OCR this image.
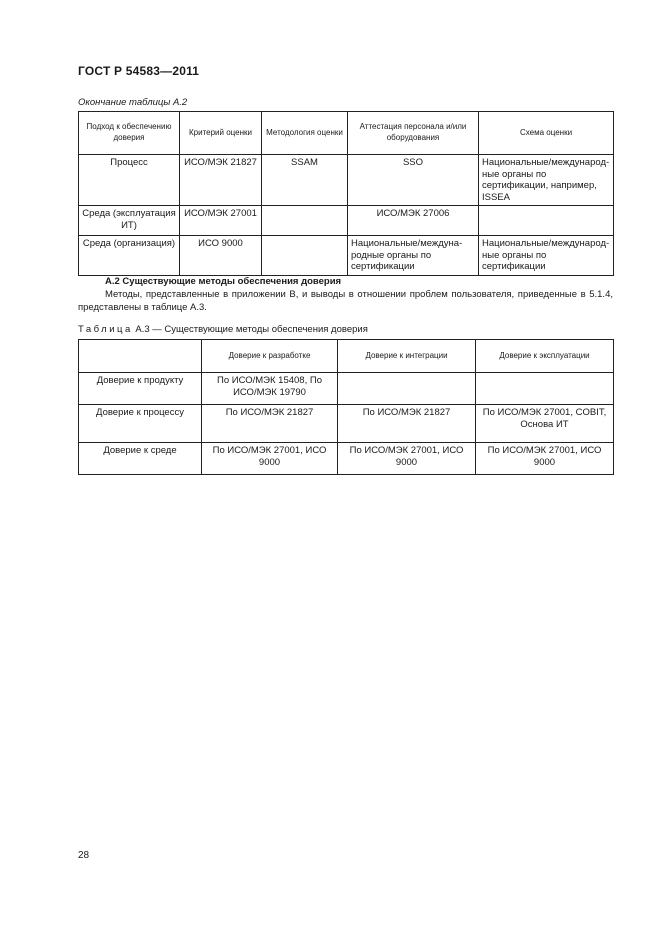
ГОСТ Р 54583—2011
Окончание таблицы А.2
Подход к обеспечению доверия	Критерий оценки	Методология оценки	Аттестация персонала и/или оборудования	Схема оценки
Процесс	ИСО/МЭК 21827	SSAM	SSO	Национальные/международ-ные органы по сертификации, например, ISSEA
Среда (эксплуатация ИТ)	ИСО/МЭК 27001		ИСО/МЭК 27006	
Среда (организация)	ИСО 9000		Национальные/междуна-родные органы по сертификации	Национальные/международ-ные органы по сертификации
А.2 Существующие методы обеспечения доверия
Методы, представленные в приложении В, и выводы в отношении проблем пользователя, приведенные в 5.1.4, представлены в таблице А.3.
Таблица А.3 — Существующие методы обеспечения доверия
	Доверие к разработке	Доверие к интеграции	Доверие к эксплуатации
Доверие к продукту	По ИСО/МЭК 15408, По ИСО/МЭК 19790		
Доверие к процессу	По ИСО/МЭК 21827	По ИСО/МЭК 21827	По ИСО/МЭК 27001, COBIT, Основа ИТ
Доверие к среде	По ИСО/МЭК 27001, ИСО 9000	По ИСО/МЭК 27001, ИСО 9000	По ИСО/МЭК 27001, ИСО 9000
28
